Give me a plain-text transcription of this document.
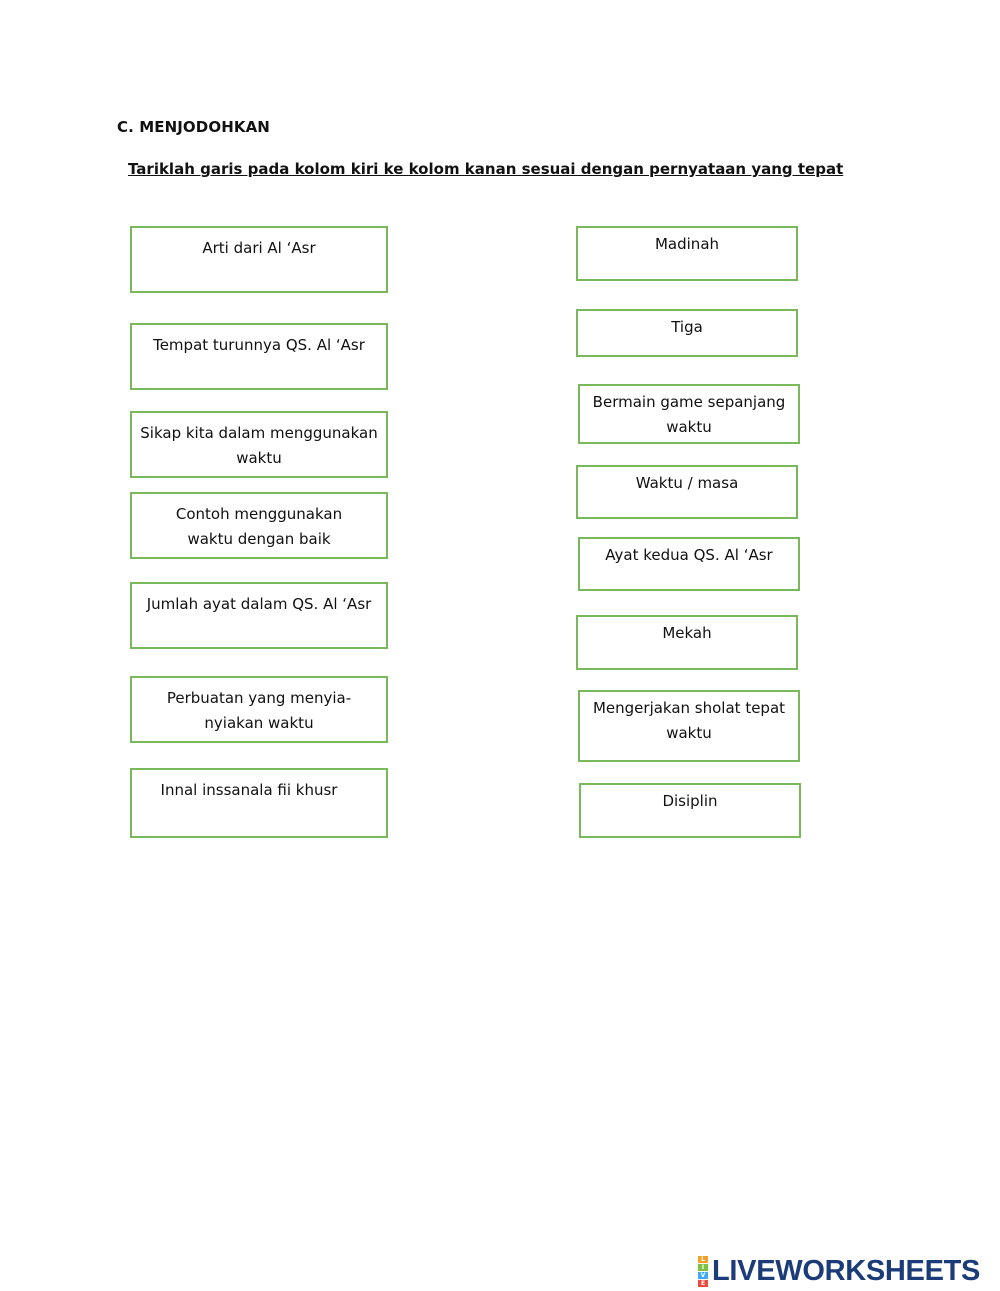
C. MENJODOHKAN
Tariklah garis pada kolom kiri ke kolom kanan sesuai dengan pernyataan yang tepat
Arti dari Al ‘Asr
Tempat turunnya QS. Al ‘Asr
Sikap kita dalam menggunakan waktu
Contoh menggunakan waktu dengan baik
Jumlah ayat dalam QS. Al ‘Asr
Perbuatan yang menyia-nyiakan waktu
Innal inssanala fii khusr
Madinah
Tiga
Bermain game sepanjang waktu
Waktu / masa
Ayat kedua QS. Al ‘Asr
Mekah
Mengerjakan sholat tepat waktu
Disiplin
L
I
V
E LIVEWORKSHEETS
